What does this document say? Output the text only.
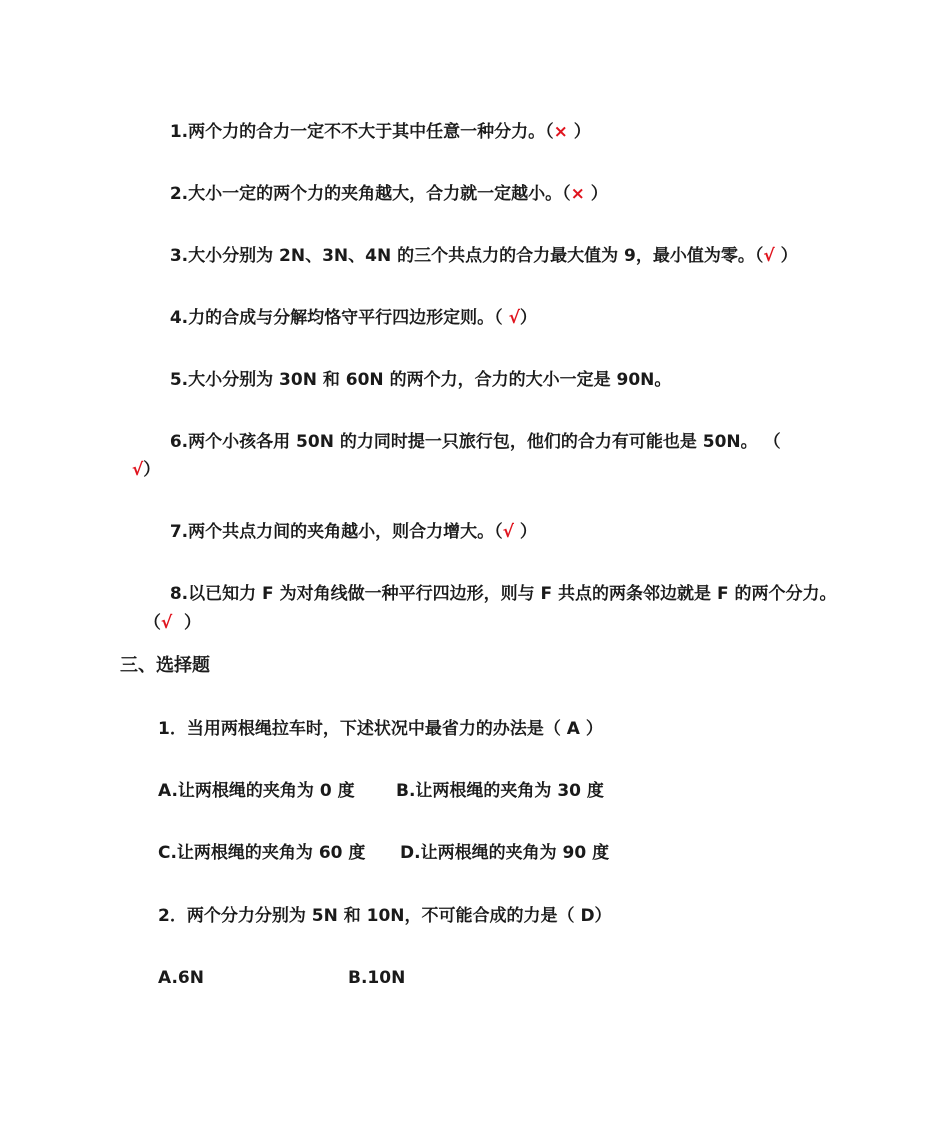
1.两个力的合力一定不不大于其中任意一种分力。（× ）

2.大小一定的两个力的夹角越大，合力就一定越小。（× ）

3.大小分别为 2N、3N、4N 的三个共点力的合力最大值为 9，最小值为零。（√ ）

4.力的合成与分解均恪守平行四边形定则。（ √）

5.大小分别为 30N 和 60N 的两个力，合力的大小一定是 90N。

6.两个小孩各用 50N 的力同时提一只旅行包，他们的合力有可能也是 50N。 （

√）

7.两个共点力间的夹角越小，则合力增大。（√ ）

8.以已知力 F 为对角线做一种平行四边形，则与 F 共点的两条邻边就是 F 的两个分力。

（√  ）

三、选择题
1．当用两根绳拉车时，下述状况中最省力的办法是（ A ）
A.让两根绳的夹角为 0 度 B.让两根绳的夹角为 30 度
C.让两根绳的夹角为 60 度 D.让两根绳的夹角为 90 度
2．两个分力分别为 5N 和 10N，不可能合成的力是（ D）
A.6N	B.10N
